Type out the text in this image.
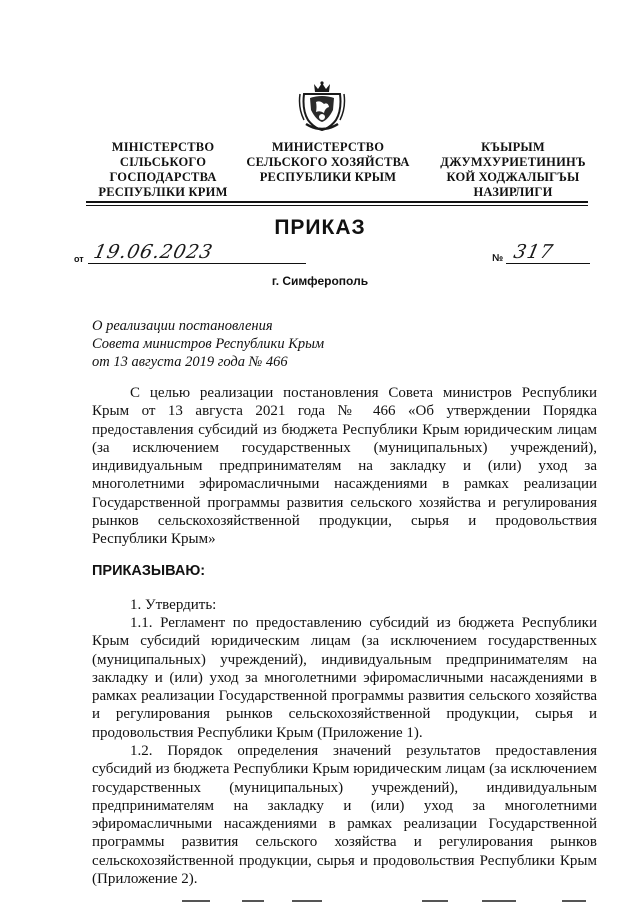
МІНІСТЕРСТВО
СІЛЬСЬКОГО
ГОСПОДАРСТВА
РЕСПУБЛІКИ КРИМ
МИНИСТЕРСТВО
СЕЛЬСКОГО ХОЗЯЙСТВА
РЕСПУБЛИКИ КРЫМ
КЪЫРЫМ
ДЖУМХУРИЕТИНИНЪ
КОЙ ХОДЖАЛЫГЪЫ
НАЗИРЛИГИ
ПРИКАЗ
от 19.06.2023	№ 317
г. Симферополь
О реализации постановления
Совета министров Республики Крым
от 13 августа 2019 года № 466
С целью реализации постановления Совета министров Республики Крым от 13 августа 2021 года № 466 «Об утверждении Порядка предоставления субсидий из бюджета Республики Крым юридическим лицам (за исключением государственных (муниципальных) учреждений), индивидуальным предпринимателям на закладку и (или) уход за многолетними эфиромасличными насаждениями в рамках реализации Государственной программы развития сельского хозяйства и регулирования рынков сельскохозяйственной продукции, сырья и продовольствия Республики Крым»
ПРИКАЗЫВАЮ:
1. Утвердить:
1.1. Регламент по предоставлению субсидий из бюджета Республики Крым субсидий юридическим лицам (за исключением государственных (муниципальных) учреждений), индивидуальным предпринимателям на закладку и (или) уход за многолетними эфиромасличными насаждениями в рамках реализации Государственной программы развития сельского хозяйства и регулирования рынков сельскохозяйственной продукции, сырья и продовольствия Республики Крым (Приложение 1).
1.2. Порядок определения значений результатов предоставления субсидий из бюджета Республики Крым юридическим лицам (за исключением государственных (муниципальных) учреждений), индивидуальным предпринимателям на закладку и (или) уход за многолетними эфиромасличными насаждениями в рамках реализации Государственной программы развития сельского хозяйства и регулирования рынков сельскохозяйственной продукции, сырья и продовольствия Республики Крым (Приложение 2).
